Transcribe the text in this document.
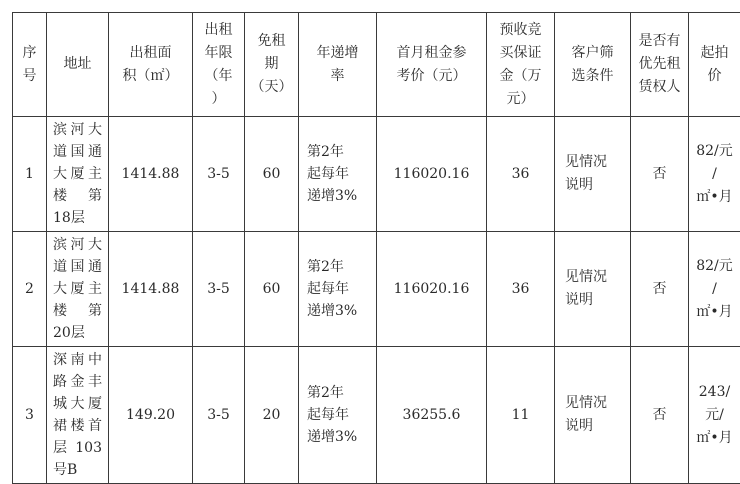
序
号	地址	出租面
积（㎡）	出租
年限
（年
）	免租
期
（天）	年递增
率	首月租金参
考价（元）	预收竞
买保证
金（万
元）	客户筛
选条件	是否有
优先租
赁权人	起拍
价
1	滨河大道国通大厦主楼　第18层	1414.88	3-5	60	第2年
起每年
递增3%	116020.16	36	见情况
说明	否	82/元
/
㎡•月
2	滨河大道国通大厦主楼　第20层	1414.88	3-5	60	第2年
起每年
递增3%	116020.16	36	见情况
说明	否	82/元
/
㎡•月
3	深南中路金丰城大厦裙楼首层 103号B	149.20	3-5	20	第2年
起每年
递增3%	36255.6	11	见情况
说明	否	243/
元/
㎡•月
